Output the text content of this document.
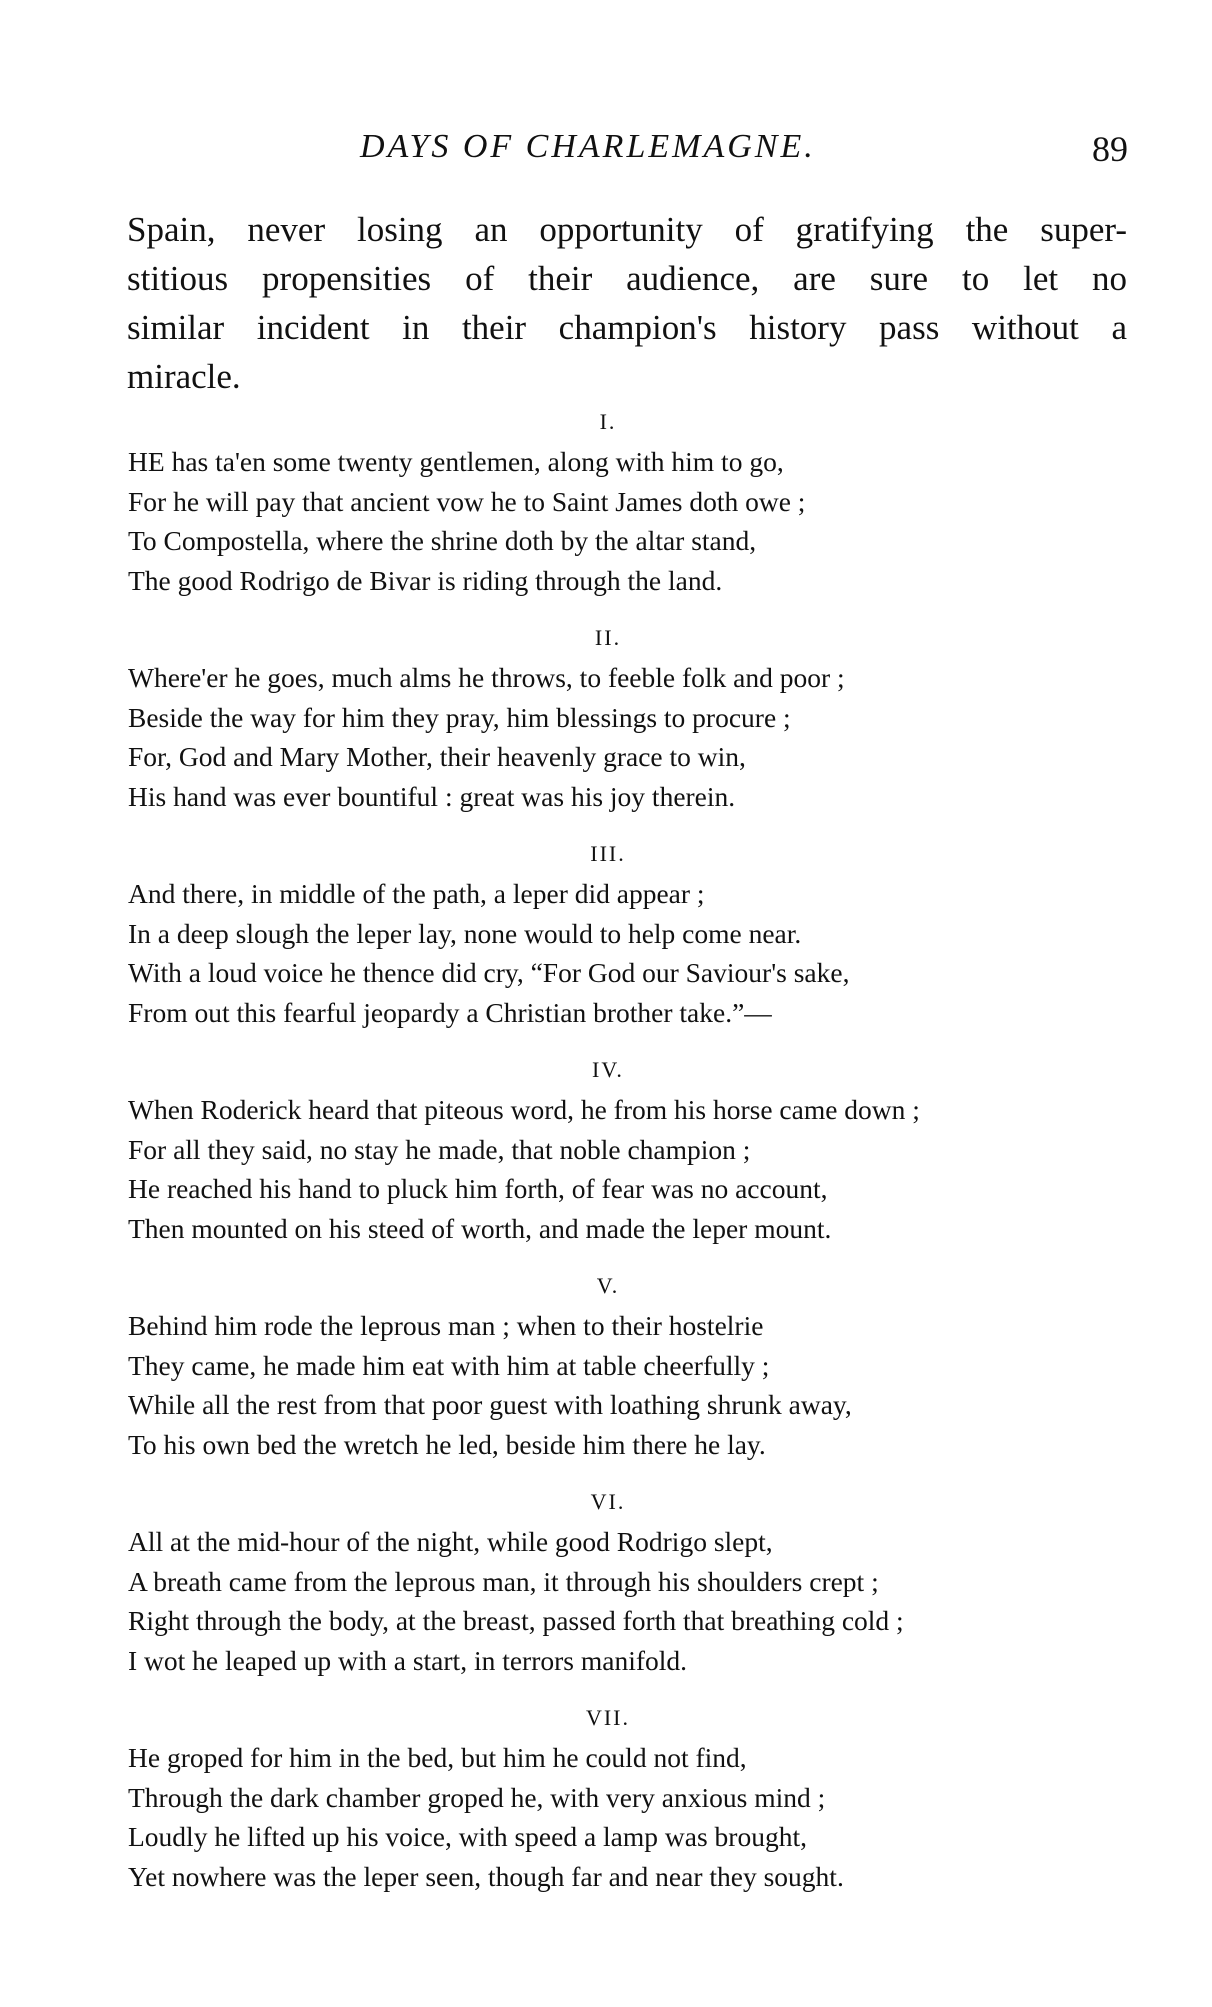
DAYS OF CHARLEMAGNE.	89
Spain, never losing an opportunity of gratifying the super-
stitious propensities of their audience, are sure to let no
similar incident in their champion's history pass without a
miracle.
I.
HE has ta'en some twenty gentlemen, along with him to go,
For he will pay that ancient vow he to Saint James doth owe ;
To Compostella, where the shrine doth by the altar stand,
The good Rodrigo de Bivar is riding through the land.
II.
Where'er he goes, much alms he throws, to feeble folk and poor ;
Beside the way for him they pray, him blessings to procure ;
For, God and Mary Mother, their heavenly grace to win,
His hand was ever bountiful : great was his joy therein.
III.
And there, in middle of the path, a leper did appear ;
In a deep slough the leper lay, none would to help come near.
With a loud voice he thence did cry, “For God our Saviour's sake,
From out this fearful jeopardy a Christian brother take.”—
IV.
When Roderick heard that piteous word, he from his horse came down ;
For all they said, no stay he made, that noble champion ;
He reached his hand to pluck him forth, of fear was no account,
Then mounted on his steed of worth, and made the leper mount.
V.
Behind him rode the leprous man ; when to their hostelrie
They came, he made him eat with him at table cheerfully ;
While all the rest from that poor guest with loathing shrunk away,
To his own bed the wretch he led, beside him there he lay.
VI.
All at the mid-hour of the night, while good Rodrigo slept,
A breath came from the leprous man, it through his shoulders crept ;
Right through the body, at the breast, passed forth that breathing cold ;
I wot he leaped up with a start, in terrors manifold.
VII.
He groped for him in the bed, but him he could not find,
Through the dark chamber groped he, with very anxious mind ;
Loudly he lifted up his voice, with speed a lamp was brought,
Yet nowhere was the leper seen, though far and near they sought.
